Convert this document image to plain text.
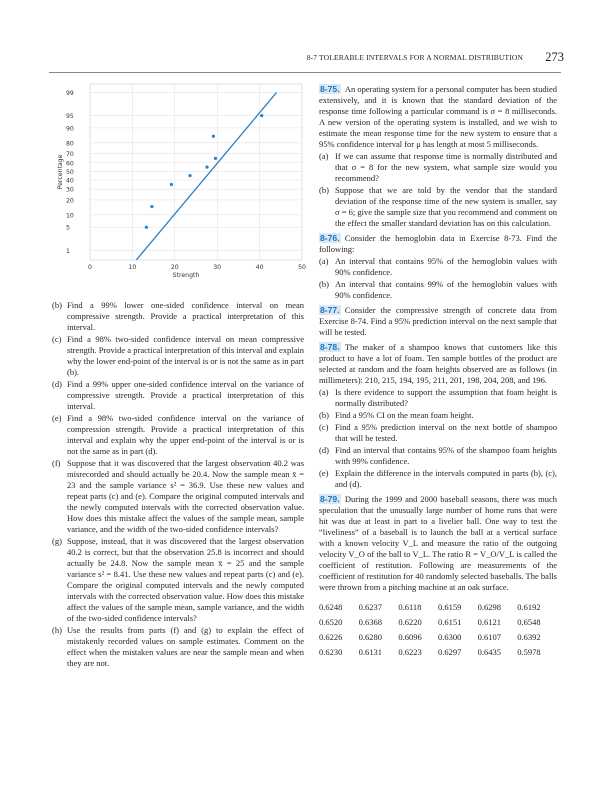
8-7 TOLERABLE INTERVALS FOR A NORMAL DISTRIBUTION 273
1
5
10
20
30
40
50
60
70
80
90
95
99
0	10	20	30	40	50
Strength
Percentage
(b) Find a 99% lower one-sided confidence interval on mean compressive strength. Provide a practical interpretation of this interval.
(c) Find a 98% two-sided confidence interval on mean compressive strength. Provide a practical interpretation of this interval and explain why the lower end-point of the interval is or is not the same as in part (b).
(d) Find a 99% upper one-sided confidence interval on the variance of compressive strength. Provide a practical interpretation of this interval.
(e) Find a 98% two-sided confidence interval on the variance of compression strength. Provide a practical interpretation of this interval and explain why the upper end-point of the interval is or is not the same as in part (d).
(f) Suppose that it was discovered that the largest observation 40.2 was misrecorded and should actually be 20.4. Now the sample mean x̄ = 23 and the sample variance s² = 36.9. Use these new values and repeat parts (c) and (e). Compare the original computed intervals and the newly computed intervals with the corrected observation value. How does this mistake affect the values of the sample mean, sample variance, and the width of the two-sided confidence intervals?
(g) Suppose, instead, that it was discovered that the largest observation 40.2 is correct, but that the observation 25.8 is incorrect and should actually be 24.8. Now the sample mean x̄ = 25 and the sample variance s² = 8.41. Use these new values and repeat parts (c) and (e). Compare the original computed intervals and the newly computed intervals with the corrected observation value. How does this mistake affect the values of the sample mean, sample variance, and the width of the two-sided confidence intervals?
(h) Use the results from parts (f) and (g) to explain the effect of mistakenly recorded values on sample estimates. Comment on the effect when the mistaken values are near the sample mean and when they are not.
8-75.  An operating system for a personal computer has been studied extensively, and it is known that the standard deviation of the response time following a particular command is σ = 8 milliseconds. A new version of the operating system is installed, and we wish to estimate the mean response time for the new system to ensure that a 95% confidence interval for μ has length at most 5 milliseconds.
(a) If we can assume that response time is normally distributed and that σ = 8 for the new system, what sample size would you recommend?
(b) Suppose that we are told by the vendor that the standard deviation of the response time of the new system is smaller, say σ = 6; give the sample size that you recommend and comment on the effect the smaller standard deviation has on this calculation.
8-76.  Consider the hemoglobin data in Exercise 8-73. Find the following:
(a) An interval that contains 95% of the hemoglobin values with 90% confidence.
(b) An interval that contains 99% of the hemoglobin values with 90% confidence.
8-77.  Consider the compressive strength of concrete data from Exercise 8-74. Find a 95% prediction interval on the next sample that will be tested.
8-78.  The maker of a shampoo knows that customers like this product to have a lot of foam. Ten sample bottles of the product are selected at random and the foam heights observed are as follows (in millimeters): 210, 215, 194, 195, 211, 201, 198, 204, 208, and 196.
(a) Is there evidence to support the assumption that foam height is normally distributed?
(b) Find a 95% CI on the mean foam height.
(c) Find a 95% prediction interval on the next bottle of shampoo that will be tested.
(d) Find an interval that contains 95% of the shampoo foam heights with 99% confidence.
(e) Explain the difference in the intervals computed in parts (b), (c), and (d).
8-79.  During the 1999 and 2000 baseball seasons, there was much speculation that the unusually large number of home runs that were hit was due at least in part to a livelier ball. One way to test the “liveliness” of a baseball is to launch the ball at a vertical surface with a known velocity V_L and measure the ratio of the outgoing velocity V_O of the ball to V_L. The ratio R = V_O/V_L is called the coefficient of restitution. Following are measurements of the coefficient of restitution for 40 randomly selected baseballs. The balls were thrown from a pitching machine at an oak surface.
0.6248	0.6237	0.6118	0.6159	0.6298	0.6192
0.6520	0.6368	0.6220	0.6151	0.6121	0.6548
0.6226	0.6280	0.6096	0.6300	0.6107	0.6392
0.6230	0.6131	0.6223	0.6297	0.6435	0.5978
